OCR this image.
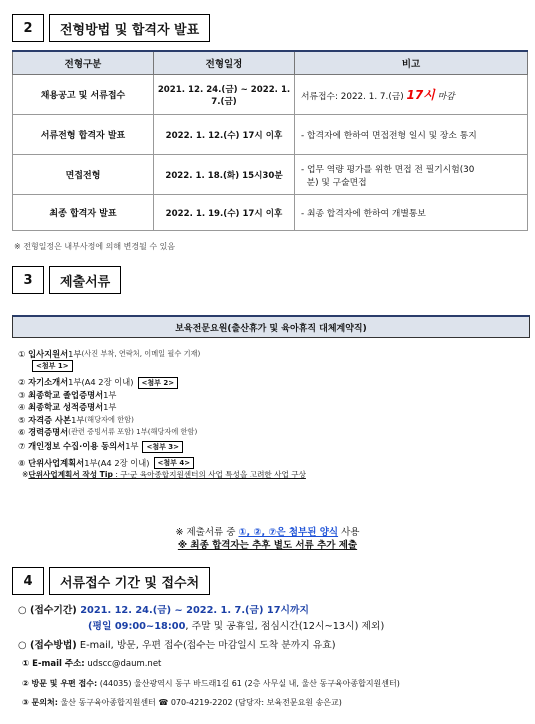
2	전형방법 및 합격자 발표
전형구분	전형일정	비고
채용공고 및 서류접수	2021. 12. 24.(금) ~ 2022. 1. 7.(금)	서류접수: 2022. 1. 7.(금) 17시 마감
서류전형 합격자 발표	2022. 1. 12.(수) 17시 이후	- 합격자에 한하여 면접전형 일시 및 장소 통지
면접전형	2022. 1. 18.(화) 15시30분	- 업무 역량 평가를 위한 면접 전 필기시험(30
분) 및 구술면접

최종 합격자 발표	2022. 1. 19.(수) 17시 이후	- 최종 합격자에 한하여 개별통보
※ 전형일정은 내부사정에 의해 변경될 수 있음
3	제출서류
보육전문요원(출산휴가 및 육아휴직 대체계약직)
①
입사지원서 1부 (사진 부착, 연락처, 이메일 필수 기재)
<첨부 1>
②
자기소개서 1부(A4 2장 이내)	<첨부 2>
③
최종학교 졸업증명서 1부
④
최종학교 성적증명서 1부
⑤
자격증 사본 1부 (해당자에 한함)
⑥
경력증명서 (관련 증빙서류 포함) 1부(해당자에 한함)
⑦
개인정보 수집·이용 동의서 1부	<첨부 3>
⑧
단위사업계획서 1부(A4 2장 이내)	<첨부 4>
※ 단위사업계획서 작성 Tip : 구·군 육아종합지원센터의 사업 특성을 고려한 사업 구상
※ 제출서류 중 ①, ②, ⑦은 첨부된 양식 사용
※ 최종 합격자는 추후 별도 서류 추가 제출
4	서류접수 기간 및 접수처
○ (접수기간) 2021. 12. 24.(금) ~ 2022. 1. 7.(금) 17시까지
(평일 09:00~18:00, 주말 및 공휴일, 점심시간(12시~13시) 제외)
○ (접수방법) E-mail, 방문, 우편 접수(접수는 마감일시 도착 분까지 유효)
① E-mail 주소: udscc@daum.net
② 방문 및 우편 접수: (44035) 울산광역시 동구 바드래1길 61 (2층 사무실 내, 울산 동구육아종합지원센터)
③ 문의처: 울산 동구육아종합지원센터 ☎ 070-4219-2202 (담당자: 보육전문요원 송은교)
